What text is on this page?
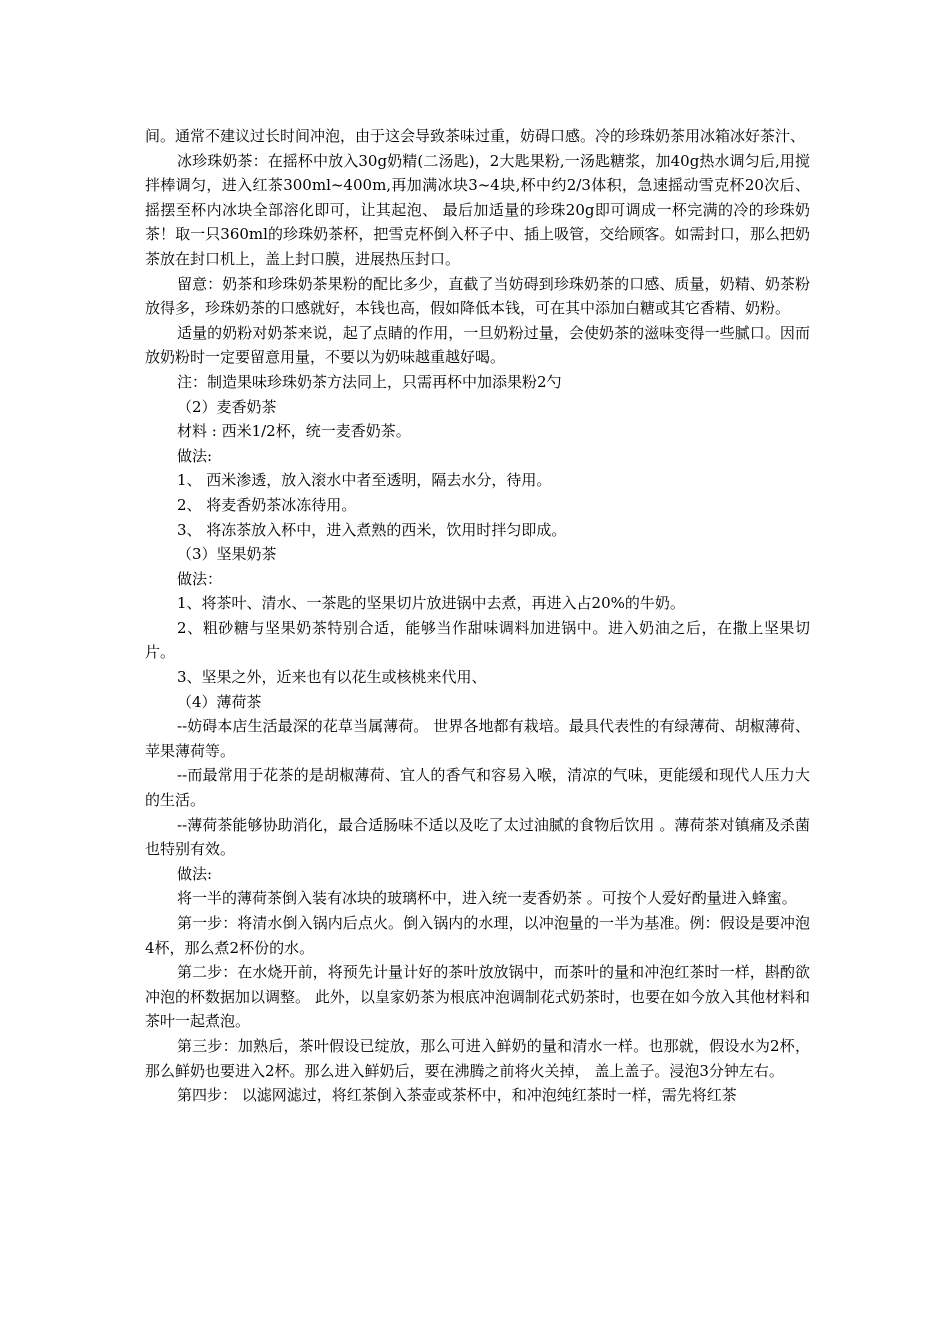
间。通常不建议过长时间冲泡，由于这会导致茶味过重，妨碍口感。冷的珍珠奶茶用冰箱冰好茶汁、

冰珍珠奶茶：在摇杯中放入30g奶精(二汤匙)，2大匙果粉,一汤匙糖浆，加40g热水调匀后,用搅拌棒调匀，进入红茶300ml~400m,再加满冰块3~4块,杯中约2/3体积，急速摇动雪克杯20次后、摇摆至杯内冰块全部溶化即可，让其起泡、 最后加适量的珍珠20g即可调成一杯完满的冷的珍珠奶茶！取一只360ml的珍珠奶茶杯，把雪克杯倒入杯子中、插上吸管，交给顾客。如需封口，那么把奶茶放在封口机上，盖上封口膜，进展热压封口。

留意：奶茶和珍珠奶茶果粉的配比多少，直截了当妨碍到珍珠奶茶的口感、质量，奶精、奶茶粉放得多，珍珠奶茶的口感就好，本钱也高，假如降低本钱，可在其中添加白糖或其它香精、奶粉。

适量的奶粉对奶茶来说，起了点睛的作用，一旦奶粉过量，会使奶茶的滋味变得一些腻口。因而放奶粉时一定要留意用量，不要以为奶味越重越好喝。

注：制造果味珍珠奶茶方法同上，只需再杯中加添果粉2勺

（2）麦香奶茶

材料 : 西米1/2杯，统一麦香奶茶。

做法:

1、 西米渗透，放入滚水中者至透明，隔去水分，待用。

2、 将麦香奶茶冰冻待用。

3、 将冻茶放入杯中，进入煮熟的西米，饮用时拌匀即成。

（3）坚果奶茶

做法：

1、将茶叶、清水、一茶匙的坚果切片放进锅中去煮，再进入占20%的牛奶。

2、粗砂糖与坚果奶茶特别合适，能够当作甜味调料加进锅中。进入奶油之后，在撒上坚果切片。

3、坚果之外，近来也有以花生或核桃来代用、

（4）薄荷茶

--妨碍本店生活最深的花草当属薄荷。 世界各地都有栽培。最具代表性的有绿薄荷、胡椒薄荷、苹果薄荷等。

--而最常用于花茶的是胡椒薄荷、宜人的香气和容易入喉，清凉的气味，更能缓和现代人压力大的生活。

--薄荷茶能够协助消化，最合适肠味不适以及吃了太过油腻的食物后饮用 。薄荷茶对镇痛及杀菌也特别有效。

做法:

将一半的薄荷茶倒入装有冰块的玻璃杯中，进入统一麦香奶茶 。可按个人爱好酌量进入蜂蜜。

第一步：将清水倒入锅内后点火。倒入锅内的水理，以冲泡量的一半为基准。例：假设是要冲泡4杯，那么煮2杯份的水。

第二步：在水烧开前，将预先计量计好的茶叶放放锅中，而茶叶的量和冲泡红茶时一样，斟酌欲冲泡的杯数据加以调整。 此外，以皇家奶茶为根底冲泡调制花式奶茶时，也要在如今放入其他材料和茶叶一起煮泡。

第三步：加熟后，茶叶假设已绽放，那么可进入鲜奶的量和清水一样。也那就，假设水为2杯，那么鲜奶也要进入2杯。那么进入鲜奶后，要在沸腾之前将火关掉， 盖上盖子。浸泡3分钟左右。

第四步： 以滤网滤过，将红茶倒入茶壶或茶杯中，和冲泡纯红茶时一样，需先将红茶
